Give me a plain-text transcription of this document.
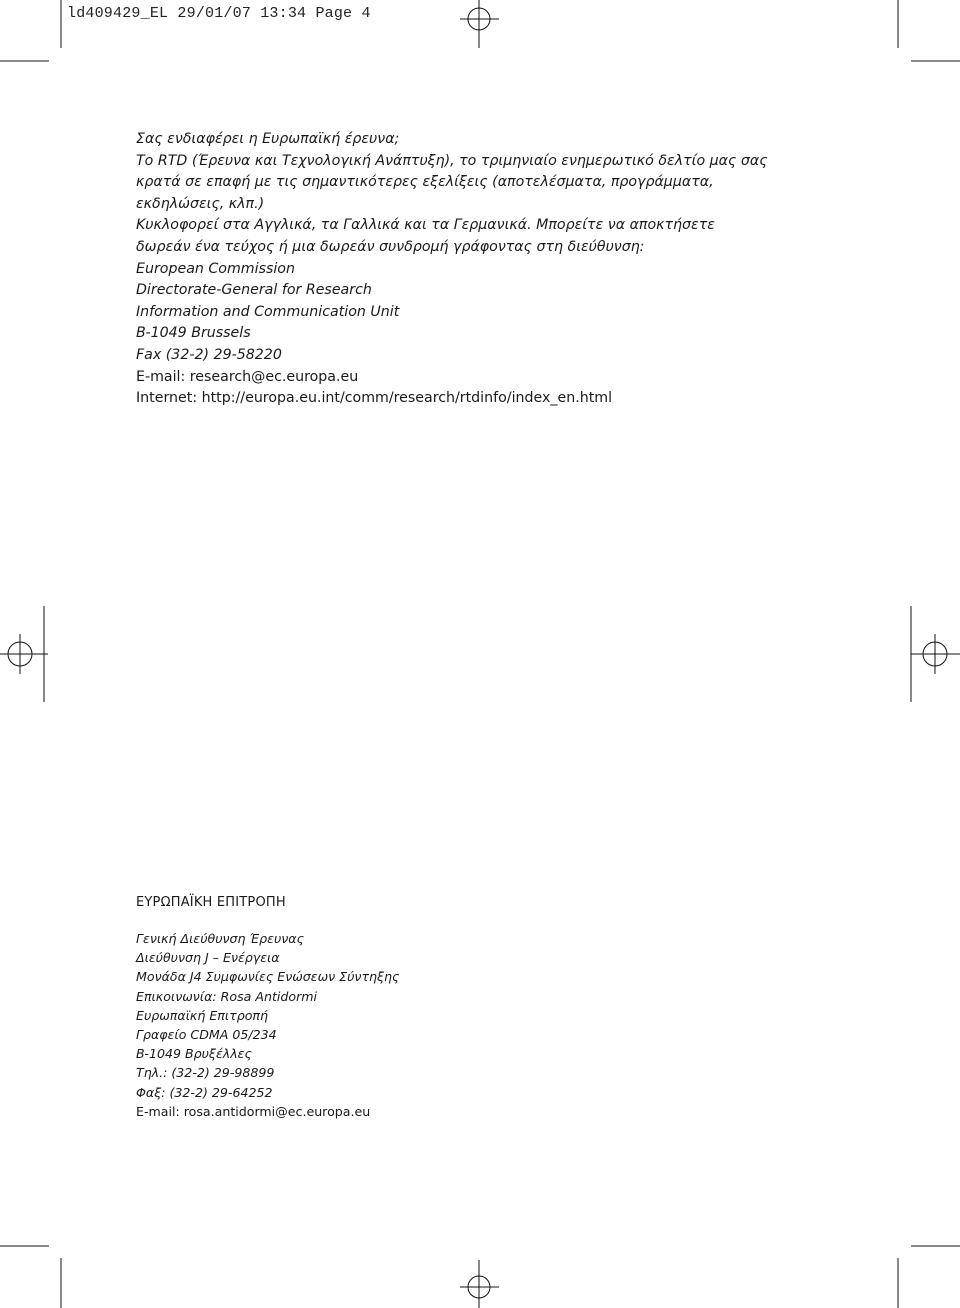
ld409429_EL 29/01/07 13:34 Page 4

Σας ενδιαφέρει η Ευρωπαϊκή έρευνα;

Το RTD (Έρευνα και Τεχνολογική Ανάπτυξη), το τριμηνιαίο ενημερωτικό δελτίο μας σας

κρατά σε επαφή με τις σημαντικότερες εξελίξεις (αποτελέσματα, προγράμματα,

εκδηλώσεις, κλπ.)

Κυκλοφορεί στα Αγγλικά, τα Γαλλικά και τα Γερμανικά. Μπορείτε να αποκτήσετε

δωρεάν ένα τεύχος ή μια δωρεάν συνδρομή γράφοντας στη διεύθυνση:

European Commission

Directorate-General for Research

Information and Communication Unit

B-1049 Brussels

Fax (32-2) 29-58220

E-mail: research@ec.europa.eu

Internet: http://europa.eu.int/comm/research/rtdinfo/index_en.html

ΕΥΡΩΠΑΪΚΗ ΕΠΙΤΡΟΠΗ
Γενική Διεύθυνση Έρευνας
Διεύθυνση J – Ενέργεια
Μονάδα J4 Συμφωνίες Ενώσεων Σύντηξης
Επικοινωνία: Rosa Antidormi
Ευρωπαϊκή Επιτροπή
Γραφείο CDMA 05/234
B-1049 Βρυξέλλες
Τηλ.: (32-2) 29-98899
Φαξ: (32-2) 29-64252
E-mail: rosa.antidormi@ec.europa.eu
